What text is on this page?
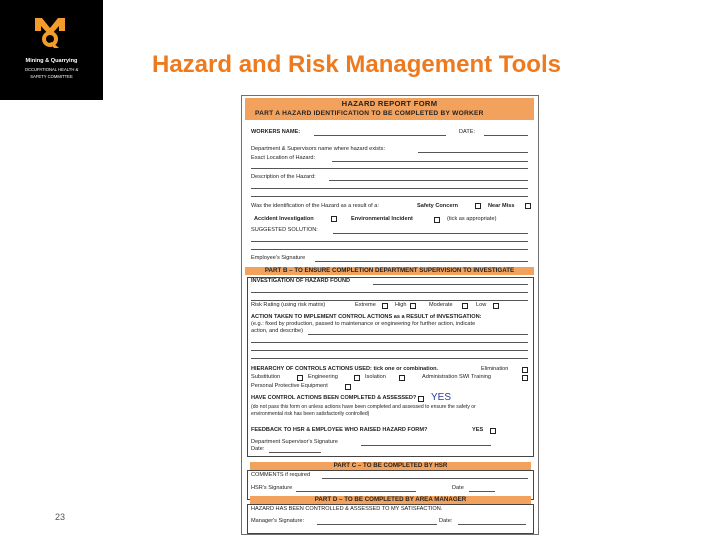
Mining & Quarrying
OCCUPATIONAL HEALTH &
SAFETY COMMITTEE
23
Hazard and Risk Management Tools
HAZARD REPORT FORM
PART A HAZARD IDENTIFICATION TO BE COMPLETED BY WORKER
WORKERS NAME:	DATE:
Department & Supervisors name where hazard exists:
Exact Location of Hazard:
Description of the Hazard:
Was the identification of the Hazard as a result of a:	Safety Concern	Near Miss
Accident Investigation	Environmental Incident	(tick as appropriate)
SUGGESTED SOLUTION:
Employee's Signature
PART B – TO ENSURE COMPLETION DEPARTMENT SUPERVISION TO INVESTIGATE
INVESTIGATION OF HAZARD FOUND
Risk Rating (using risk matrix)	Extreme	High	Moderate	Low
ACTION TAKEN TO IMPLEMENT CONTROL ACTIONS as a RESULT of INVESTIGATION:
(e.g.: fixed by production, passed to maintenance or engineering for further action, indicate
action, and describe)
HIERARCHY OF CONTROLS ACTIONS USED: tick one or combination.	Elimination
Substitution	Engineering	Isolation	Administration SWI Training
Personal Protective Equipment
HAVE CONTROL ACTIONS BEEN COMPLETED & ASSESSED? YES
(do not pass this form on unless actions have been completed and assessed to ensure the safety or
environmental risk has been satisfactorily controlled)
FEEDBACK TO HSR & EMPLOYEE WHO RAISED HAZARD FORM?	YES
Department Supervisor's Signature
Date:
PART C – TO BE COMPLETED BY HSR
COMMENTS if required
HSR's Signature	Date
PART D – TO BE COMPLETED BY AREA MANAGER
HAZARD HAS BEEN CONTROLLED & ASSESSED TO MY SATISFACTION.
Manager's Signature:	Date:
